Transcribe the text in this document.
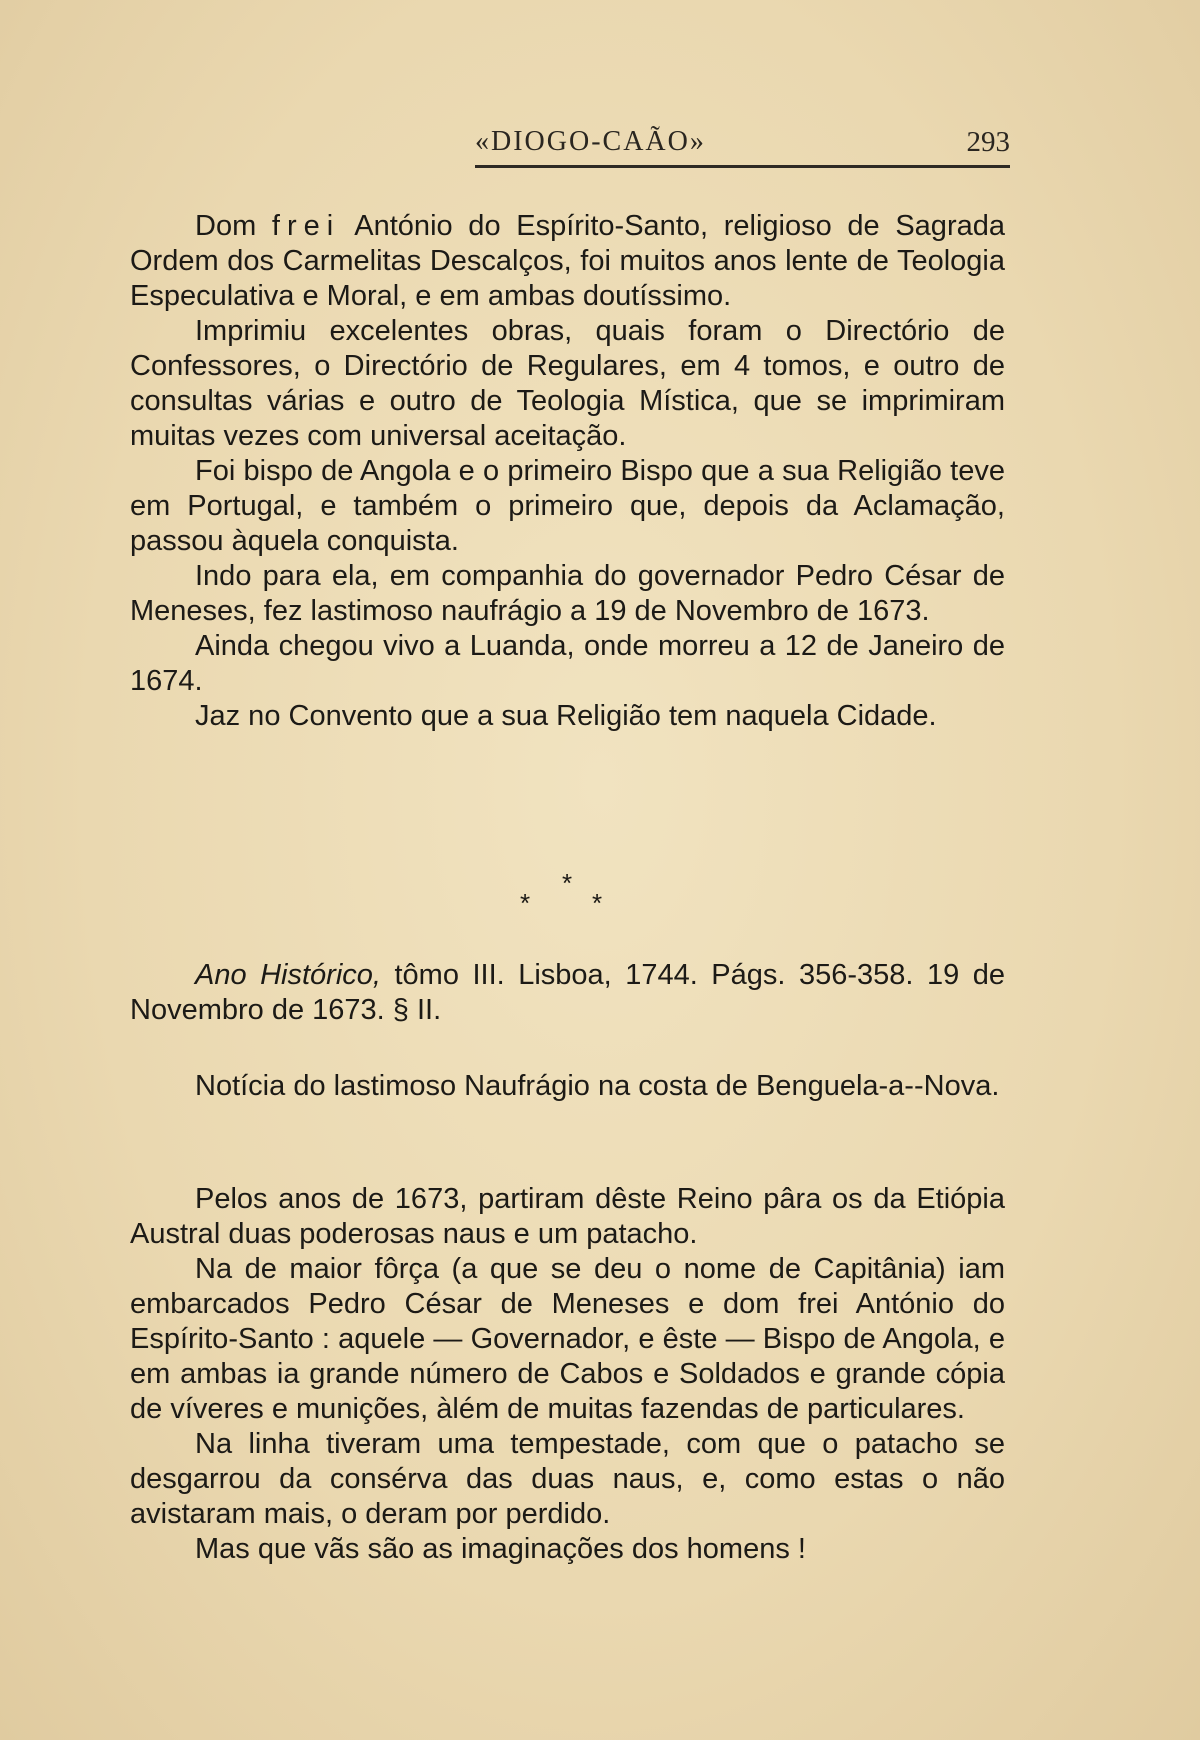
«DIOGO-CAÃO»	293

Dom frei António do Espírito-Santo, religioso de Sagrada Ordem dos Carmelitas Descalços, foi muitos anos lente de Teologia Especulativa e Moral, e em ambas doutíssimo.

Imprimiu excelentes obras, quais foram o Directório de Confessores, o Directório de Regulares, em 4 tomos, e outro de consultas várias e outro de Teologia Mística, que se imprimiram muitas vezes com universal aceitação.

Foi bispo de Angola e o primeiro Bispo que a sua Religião teve em Portugal, e também o primeiro que, depois da Aclamação, passou àquela conquista.

Indo para ela, em companhia do governador Pedro César de Meneses, fez lastimoso naufrágio a 19 de Novembro de 1673.

Ainda chegou vivo a Luanda, onde morreu a 12 de Janeiro de 1674.

Jaz no Convento que a sua Religião tem naquela Cidade.

*
* *

Ano Histórico, tômo III. Lisboa, 1744. Págs. 356-358. 19 de Novembro de 1673. § II.

Notícia do lastimoso Naufrágio na costa de Benguela-a--Nova.

Pelos anos de 1673, partiram dêste Reino pâra os da Etiópia Austral duas poderosas naus e um patacho.

Na de maior fôrça (a que se deu o nome de Capitânia) iam embarcados Pedro César de Meneses e dom frei António do Espírito-Santo : aquele — Governador, e êste — Bispo de Angola, e em ambas ia grande número de Cabos e Soldados e grande cópia de víveres e munições, àlém de muitas fazendas de particulares.

Na linha tiveram uma tempestade, com que o patacho se desgarrou da consérva das duas naus, e, como estas o não avistaram mais, o deram por perdido.

Mas que vãs são as imaginações dos homens !
